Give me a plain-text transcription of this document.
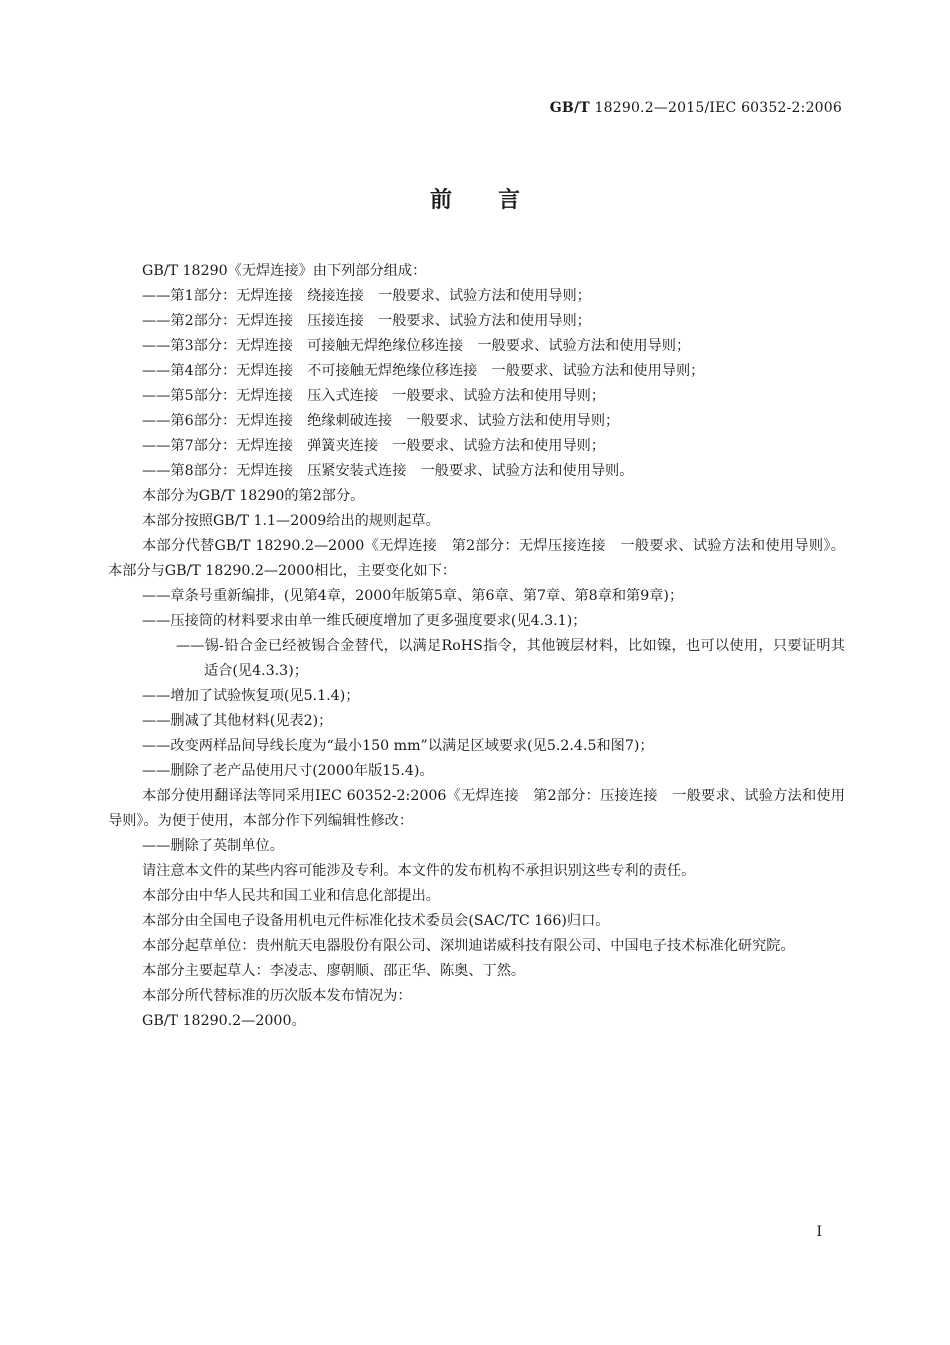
GB/T 18290.2—2015/IEC 60352-2:2006
前言
GB/T 18290《无焊连接》由下列部分组成：
——第1部分：无焊连接　绕接连接　一般要求、试验方法和使用导则；
——第2部分：无焊连接　压接连接　一般要求、试验方法和使用导则；
——第3部分：无焊连接　可接触无焊绝缘位移连接　一般要求、试验方法和使用导则；
——第4部分：无焊连接　不可接触无焊绝缘位移连接　一般要求、试验方法和使用导则；
——第5部分：无焊连接　压入式连接　一般要求、试验方法和使用导则；
——第6部分：无焊连接　绝缘刺破连接　一般要求、试验方法和使用导则；
——第7部分：无焊连接　弹簧夹连接　一般要求、试验方法和使用导则；
——第8部分：无焊连接　压紧安装式连接　一般要求、试验方法和使用导则。
本部分为GB/T 18290的第2部分。
本部分按照GB/T 1.1—2009给出的规则起草。
本部分代替GB/T 18290.2—2000《无焊连接　第2部分：无焊压接连接　一般要求、试验方法和使用导则》。本部分与GB/T 18290.2—2000相比，主要变化如下：
——章条号重新编排，(见第4章，2000年版第5章、第6章、第7章、第8章和第9章)；
——压接筒的材料要求由单一维氏硬度增加了更多强度要求(见4.3.1)；
——锡-铅合金已经被锡合金替代，以满足RoHS指令，其他镀层材料，比如镍，也可以使用，只要证明其适合(见4.3.3)；
——增加了试验恢复项(见5.1.4)；
——删减了其他材料(见表2)；
——改变两样品间导线长度为“最小150 mm”以满足区域要求(见5.2.4.5和图7)；
——删除了老产品使用尺寸(2000年版15.4)。
本部分使用翻译法等同采用IEC 60352-2:2006《无焊连接　第2部分：压接连接　一般要求、试验方法和使用导则》。为便于使用，本部分作下列编辑性修改：
——删除了英制单位。
请注意本文件的某些内容可能涉及专利。本文件的发布机构不承担识别这些专利的责任。
本部分由中华人民共和国工业和信息化部提出。
本部分由全国电子设备用机电元件标准化技术委员会(SAC/TC 166)归口。
本部分起草单位：贵州航天电器股份有限公司、深圳迪诺威科技有限公司、中国电子技术标准化研究院。
本部分主要起草人：李凌志、廖朝顺、邵正华、陈奥、丁然。
本部分所代替标准的历次版本发布情况为：
GB/T 18290.2—2000。
I
